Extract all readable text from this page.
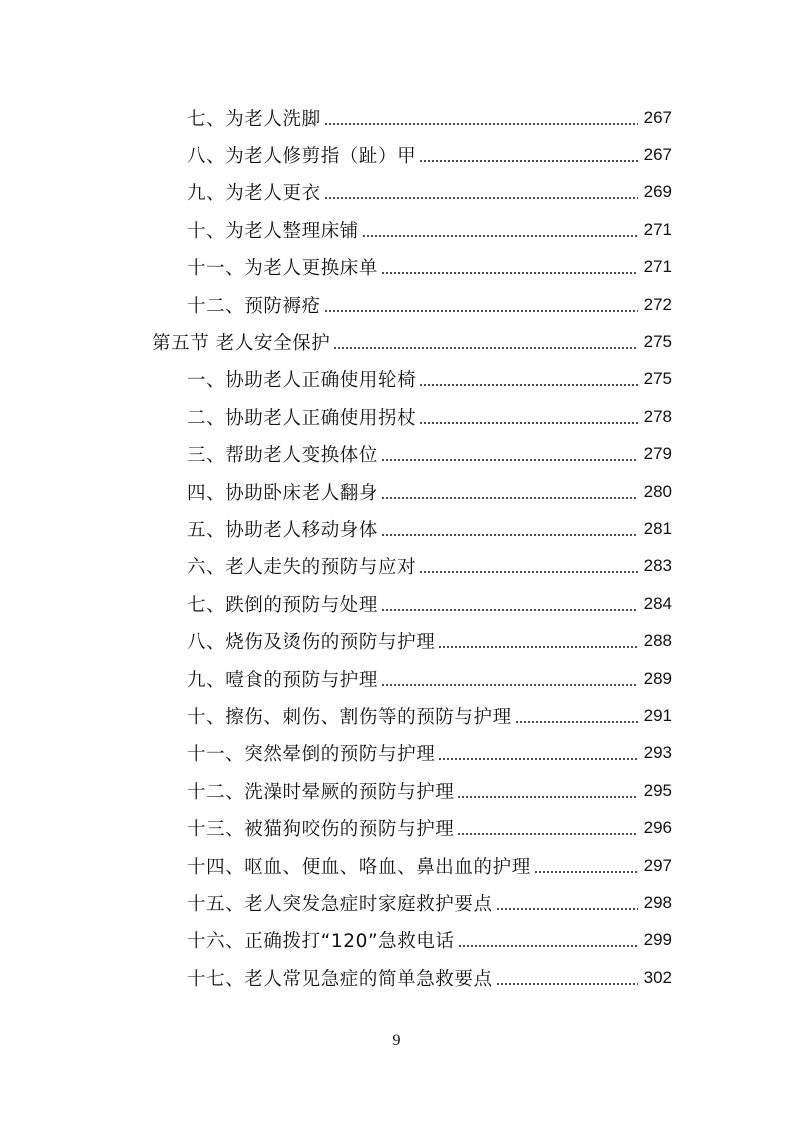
七、为老人洗脚	267
八、为老人修剪指（趾）甲	267
九、为老人更衣	269
十、为老人整理床铺	271
十一、为老人更换床单	271
十二、预防褥疮	272
第五节 老人安全保护	275
一、协助老人正确使用轮椅	275
二、协助老人正确使用拐杖	278
三、帮助老人变换体位	279
四、协助卧床老人翻身	280
五、协助老人移动身体	281
六、老人走失的预防与应对	283
七、跌倒的预防与处理	284
八、烧伤及烫伤的预防与护理	288
九、噎食的预防与护理	289
十、擦伤、刺伤、割伤等的预防与护理	291
十一、突然晕倒的预防与护理	293
十二、洗澡时晕厥的预防与护理	295
十三、被猫狗咬伤的预防与护理	296
十四、呕血、便血、咯血、鼻出血的护理	297
十五、老人突发急症时家庭救护要点	298
十六、正确拨打“120”急救电话	299
十七、老人常见急症的简单急救要点	302
9
